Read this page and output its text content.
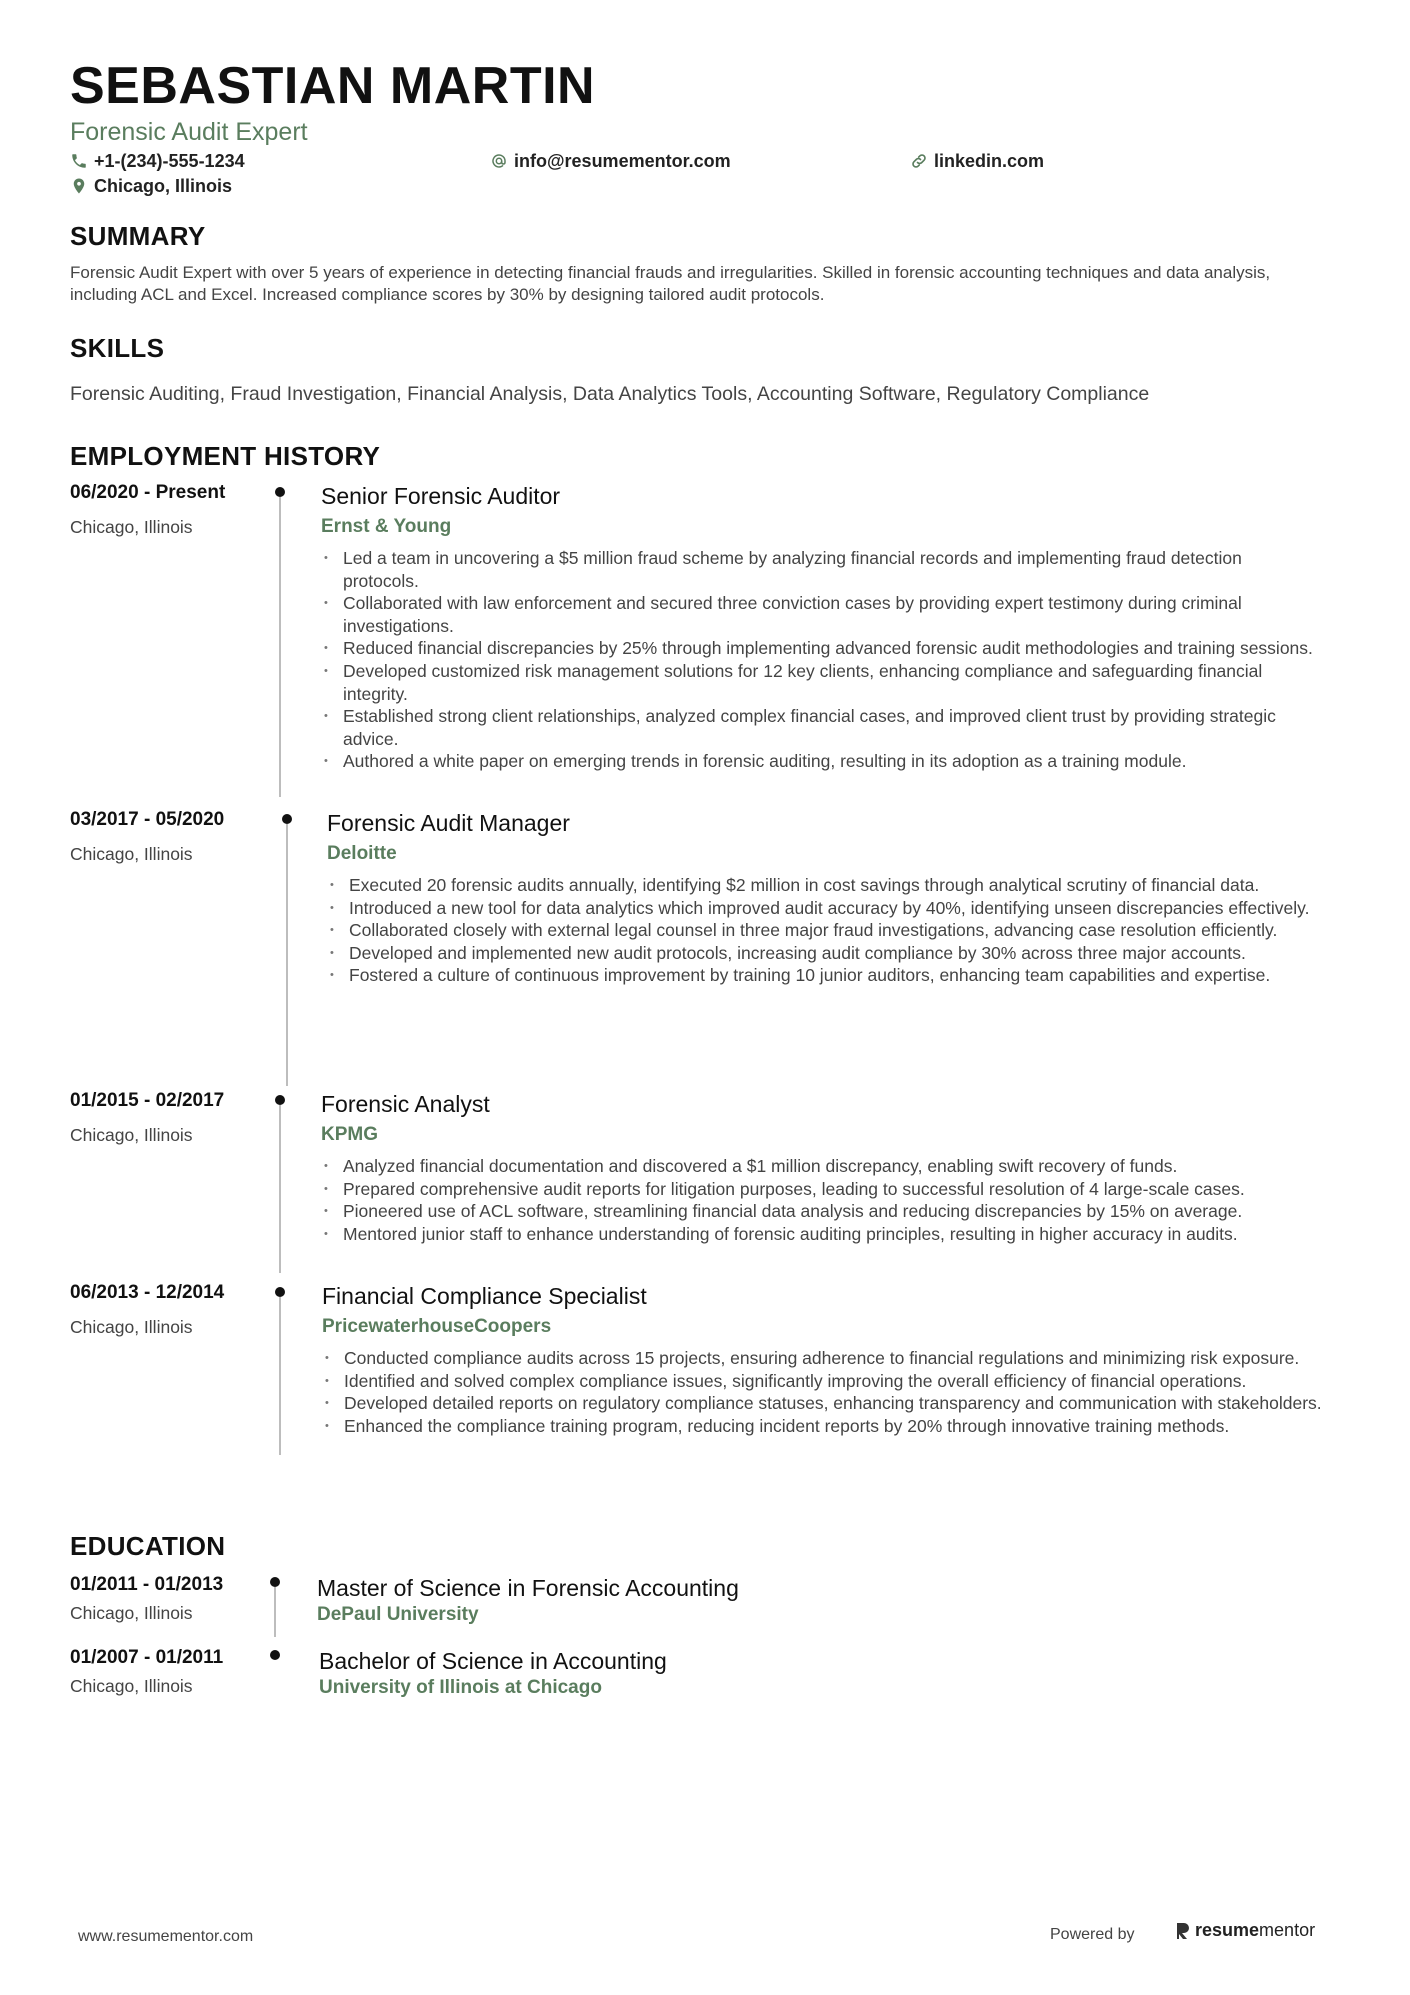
SEBASTIAN MARTIN
Forensic Audit Expert
+1-(234)-555-1234	info@resumementor.com	linkedin.com
Chicago, Illinois
SUMMARY
Forensic Audit Expert with over 5 years of experience in detecting financial frauds and irregularities. Skilled in forensic accounting techniques and data analysis, including ACL and Excel. Increased compliance scores by 30% by designing tailored audit protocols.
SKILLS
Forensic Auditing, Fraud Investigation, Financial Analysis, Data Analytics Tools, Accounting Software, Regulatory Compliance
EMPLOYMENT HISTORY
06/2020 - Present
Chicago, Illinois
Senior Forensic Auditor
Ernst & Young
• Led a team in uncovering a $5 million fraud scheme by analyzing financial records and implementing fraud detection protocols.
• Collaborated with law enforcement and secured three conviction cases by providing expert testimony during criminal investigations.
• Reduced financial discrepancies by 25% through implementing advanced forensic audit methodologies and training sessions.
• Developed customized risk management solutions for 12 key clients, enhancing compliance and safeguarding financial integrity.
• Established strong client relationships, analyzed complex financial cases, and improved client trust by providing strategic advice.
• Authored a white paper on emerging trends in forensic auditing, resulting in its adoption as a training module.
03/2017 - 05/2020
Chicago, Illinois
Forensic Audit Manager
Deloitte
• Executed 20 forensic audits annually, identifying $2 million in cost savings through analytical scrutiny of financial data.
• Introduced a new tool for data analytics which improved audit accuracy by 40%, identifying unseen discrepancies effectively.
• Collaborated closely with external legal counsel in three major fraud investigations, advancing case resolution efficiently.
• Developed and implemented new audit protocols, increasing audit compliance by 30% across three major accounts.
• Fostered a culture of continuous improvement by training 10 junior auditors, enhancing team capabilities and expertise.
01/2015 - 02/2017
Chicago, Illinois
Forensic Analyst
KPMG
• Analyzed financial documentation and discovered a $1 million discrepancy, enabling swift recovery of funds.
• Prepared comprehensive audit reports for litigation purposes, leading to successful resolution of 4 large-scale cases.
• Pioneered use of ACL software, streamlining financial data analysis and reducing discrepancies by 15% on average.
• Mentored junior staff to enhance understanding of forensic auditing principles, resulting in higher accuracy in audits.
06/2013 - 12/2014
Chicago, Illinois
Financial Compliance Specialist
PricewaterhouseCoopers
• Conducted compliance audits across 15 projects, ensuring adherence to financial regulations and minimizing risk exposure.
• Identified and solved complex compliance issues, significantly improving the overall efficiency of financial operations.
• Developed detailed reports on regulatory compliance statuses, enhancing transparency and communication with stakeholders.
• Enhanced the compliance training program, reducing incident reports by 20% through innovative training methods.
EDUCATION
01/2011 - 01/2013
Chicago, Illinois
Master of Science in Forensic Accounting
DePaul University
01/2007 - 01/2011
Chicago, Illinois
Bachelor of Science in Accounting
University of Illinois at Chicago
www.resumementor.com	Powered by	resume mentor
